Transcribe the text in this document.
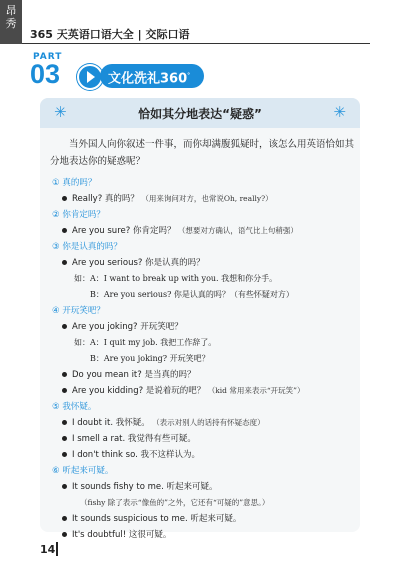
昂
秀
365 天英语口语大全 | 交际口语
PART
03	文化洗礼360°
✳	恰如其分地表达“疑惑”	✳
当外国人向你叙述一件事，而你却满腹狐疑时，该怎么用英语恰如其分地表达你的疑惑呢？
① 真的吗？
Really? 真的吗？ （用来询问对方，也常说Oh, really?）
② 你肯定吗？
Are you sure? 你肯定吗？ （想要对方确认，语气比上句稍强）
③ 你是认真的吗？
Are you serious? 你是认真的吗？
如：A：I want to break up with you. 我想和你分手。
B：Are you serious? 你是认真的吗？（有些怀疑对方）
④ 开玩笑吧？
Are you joking? 开玩笑吧？
如：A：I quit my job. 我把工作辞了。
B：Are you joking? 开玩笑吧？
Do you mean it? 是当真的吗？
Are you kidding? 是说着玩的吧？ （kid 常用来表示“开玩笑”）
⑤ 我怀疑。
I doubt it. 我怀疑。 （表示对别人的话持有怀疑态度）
I smell a rat. 我觉得有些可疑。
I don't think so. 我不这样认为。
⑥ 听起来可疑。
It sounds fishy to me. 听起来可疑。
（fishy 除了表示“像鱼的”之外，它还有“可疑的”意思。）
It sounds suspicious to me. 听起来可疑。
It's doubtful! 这很可疑。
14
